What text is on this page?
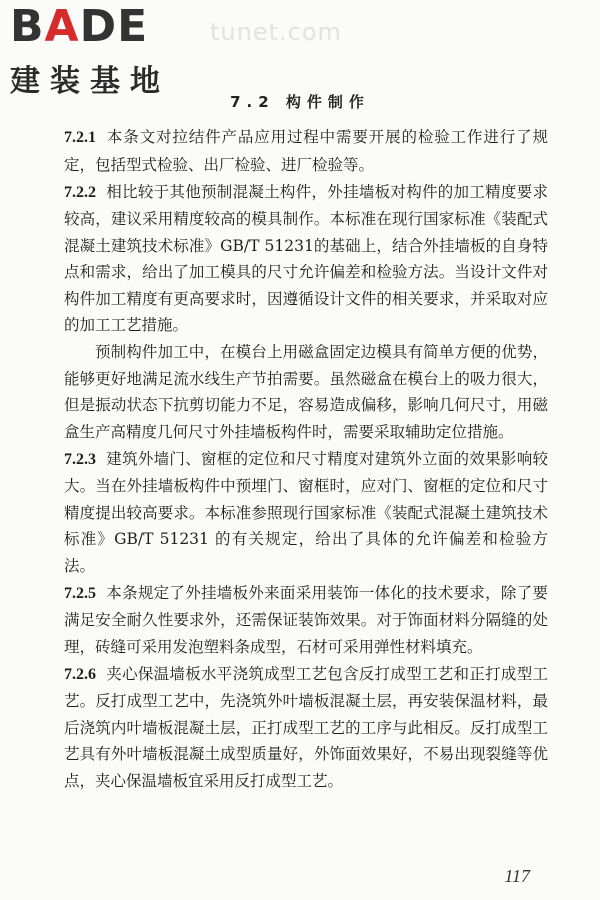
BADE
建装基地
tunet.com
7.2 构件制作

7.2.1 本条文对拉结件产品应用过程中需要开展的检验工作进行了规定，包括型式检验、出厂检验、进厂检验等。

7.2.2 相比较于其他预制混凝土构件，外挂墙板对构件的加工精度要求较高，建议采用精度较高的模具制作。本标准在现行国家标准《装配式混凝土建筑技术标准》GB/T 51231的基础上，结合外挂墙板的自身特点和需求，给出了加工模具的尺寸允许偏差和检验方法。当设计文件对构件加工精度有更高要求时，因遵循设计文件的相关要求，并采取对应的加工工艺措施。

预制构件加工中，在模台上用磁盒固定边模具有简单方便的优势，能够更好地满足流水线生产节拍需要。虽然磁盒在模台上的吸力很大，但是振动状态下抗剪切能力不足，容易造成偏移，影响几何尺寸，用磁盒生产高精度几何尺寸外挂墙板构件时，需要采取辅助定位措施。

7.2.3 建筑外墙门、窗框的定位和尺寸精度对建筑外立面的效果影响较大。当在外挂墙板构件中预埋门、窗框时，应对门、窗框的定位和尺寸精度提出较高要求。本标准参照现行国家标准《装配式混凝土建筑技术标准》GB/T 51231 的有关规定，给出了具体的允许偏差和检验方法。

7.2.5 本条规定了外挂墙板外来面采用装饰一体化的技术要求，除了要满足安全耐久性要求外，还需保证装饰效果。对于饰面材料分隔缝的处理，砖缝可采用发泡塑料条成型，石材可采用弹性材料填充。

7.2.6 夹心保温墙板水平浇筑成型工艺包含反打成型工艺和正打成型工艺。反打成型工艺中，先浇筑外叶墙板混凝土层，再安装保温材料，最后浇筑内叶墙板混凝土层，正打成型工艺的工序与此相反。反打成型工艺具有外叶墙板混凝土成型质量好，外饰面效果好，不易出现裂缝等优点，夹心保温墙板宜采用反打成型工艺。

117
